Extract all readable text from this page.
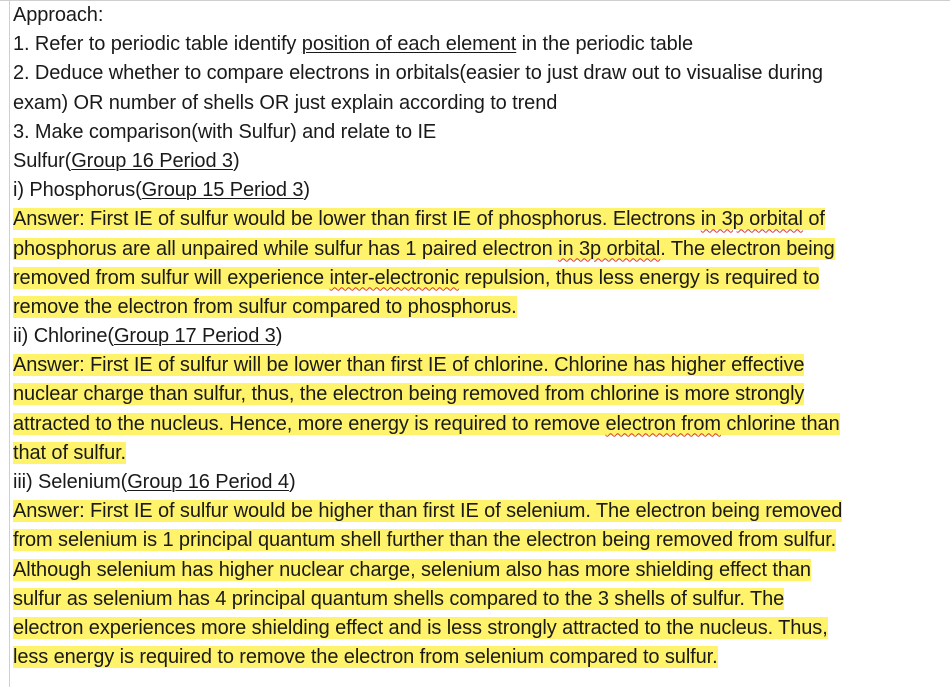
Approach:
1. Refer to periodic table identify position of each element in the periodic table
2. Deduce whether to compare electrons in orbitals(easier to just draw out to visualise during
exam) OR number of shells OR just explain according to trend
3. Make comparison(with Sulfur) and relate to IE
Sulfur(Group 16 Period 3)
i) Phosphorus(Group 15 Period 3)
Answer: First IE of sulfur would be lower than first IE of phosphorus. Electrons in 3p orbital of
phosphorus are all unpaired while sulfur has 1 paired electron in 3p orbital. The electron being
removed from sulfur will experience inter-electronic repulsion, thus less energy is required to
remove the electron from sulfur compared to phosphorus.
ii) Chlorine(Group 17 Period 3)
Answer: First IE of sulfur will be lower than first IE of chlorine. Chlorine has higher effective
nuclear charge than sulfur, thus, the electron being removed from chlorine is more strongly
attracted to the nucleus. Hence, more energy is required to remove electron from chlorine than
that of sulfur.
iii) Selenium(Group 16 Period 4)
Answer: First IE of sulfur would be higher than first IE of selenium. The electron being removed
from selenium is 1 principal quantum shell further than the electron being removed from sulfur.
Although selenium has higher nuclear charge, selenium also has more shielding effect than
sulfur as selenium has 4 principal quantum shells compared to the 3 shells of sulfur. The
electron experiences more shielding effect and is less strongly attracted to the nucleus. Thus,
less energy is required to remove the electron from selenium compared to sulfur.
